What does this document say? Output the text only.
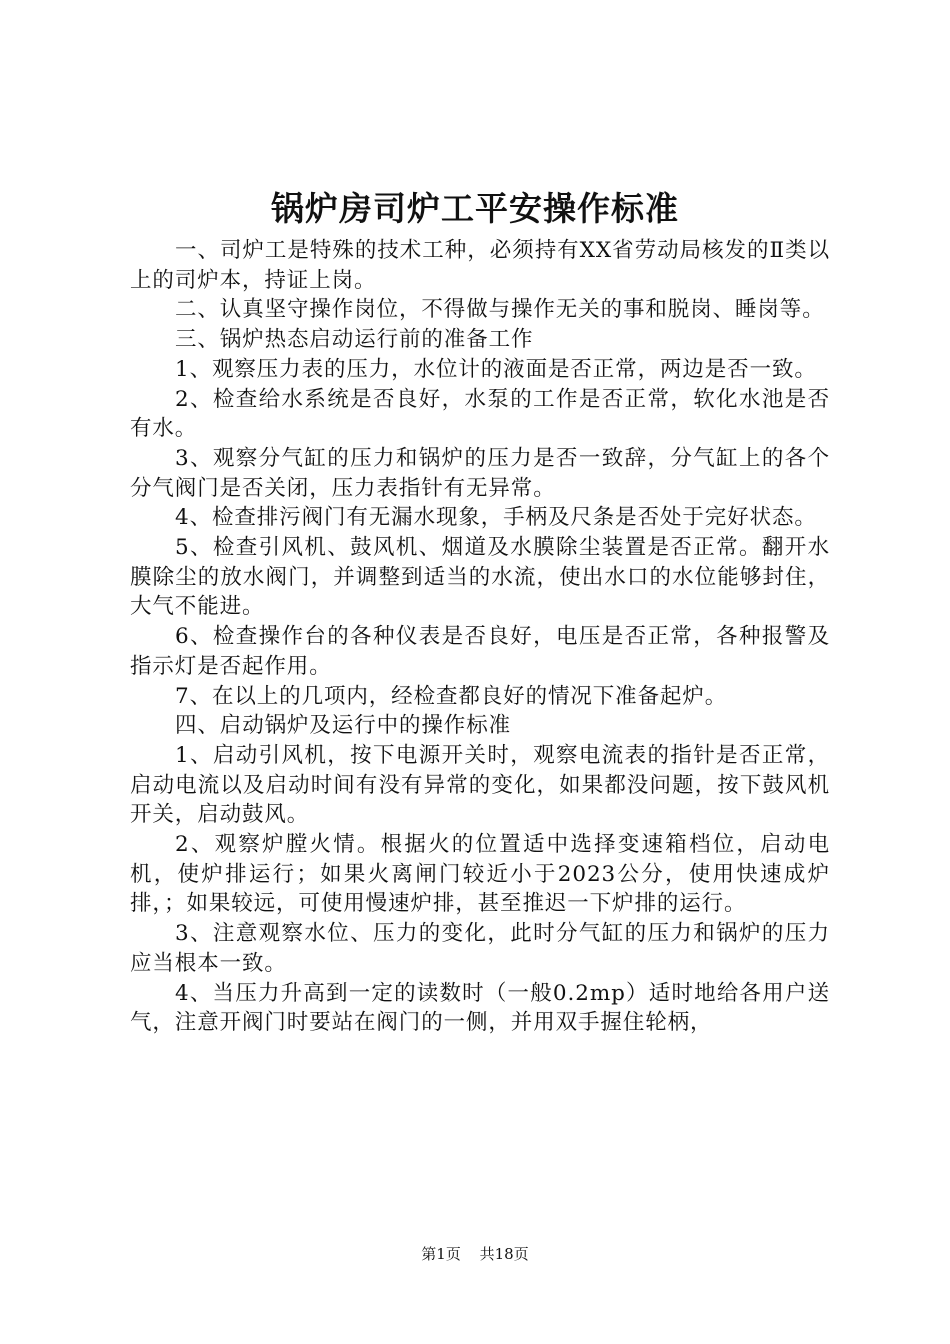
锅炉房司炉工平安操作标准

一、司炉工是特殊的技术工种，必须持有XX省劳动局核发的Ⅱ类以上的司炉本，持证上岗。

二、认真坚守操作岗位，不得做与操作无关的事和脱岗、睡岗等。

三、锅炉热态启动运行前的准备工作

1、观察压力表的压力，水位计的液面是否正常，两边是否一致。

2、检查给水系统是否良好，水泵的工作是否正常，软化水池是否有水。

3、观察分气缸的压力和锅炉的压力是否一致辞，分气缸上的各个分气阀门是否关闭，压力表指针有无异常。

4、检查排污阀门有无漏水现象，手柄及尺条是否处于完好状态。

5、检查引风机、鼓风机、烟道及水膜除尘装置是否正常。翻开水膜除尘的放水阀门，并调整到适当的水流，使出水口的水位能够封住，大气不能进。

6、检查操作台的各种仪表是否良好，电压是否正常，各种报警及指示灯是否起作用。

7、在以上的几项内，经检查都良好的情况下准备起炉。

四、启动锅炉及运行中的操作标准

1、启动引风机，按下电源开关时，观察电流表的指针是否正常，启动电流以及启动时间有没有异常的变化，如果都没问题，按下鼓风机开关，启动鼓风。

2、观察炉膛火情。根据火的位置适中选择变速箱档位，启动电机，使炉排运行；如果火离闸门较近小于2023公分，使用快速成炉排，；如果较远，可使用慢速炉排，甚至推迟一下炉排的运行。

3、注意观察水位、压力的变化，此时分气缸的压力和锅炉的压力应当根本一致。

4、当压力升高到一定的读数时（一般0.2mp）适时地给各用户送气，注意开阀门时要站在阀门的一侧，并用双手握住轮柄，

第1页 共18页
